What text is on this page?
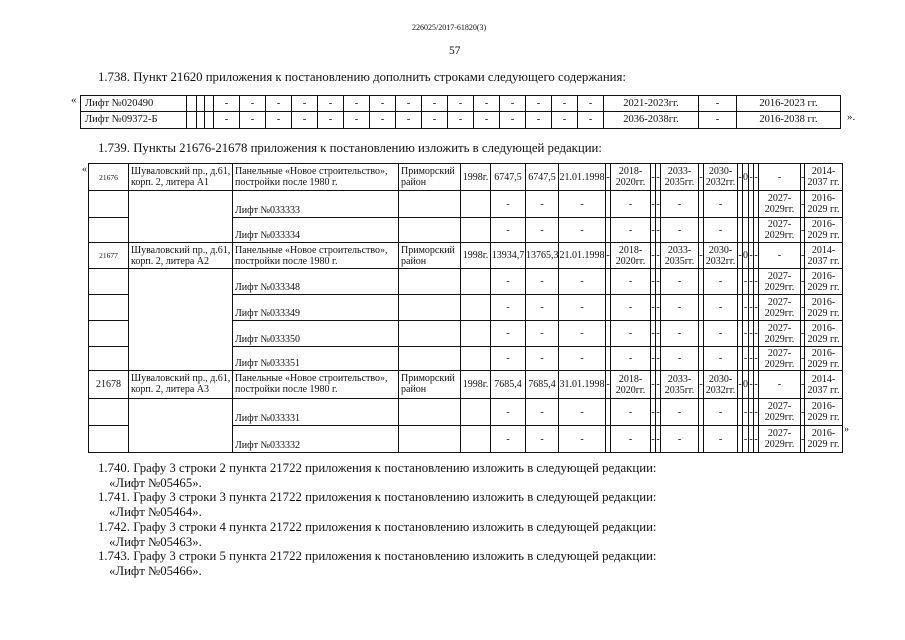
226025/2017-61820(3)
57
1.738. Пункт 21620 приложения к постановлению дополнить строками следующего содержания:
« Лифт №020490				-	-	-	-	-	-	-	-	-	-	-	-	-	-	-	2021-2023гг.	-	2016-2023 гг.
Лифт №09372-Б				-	-	-	-	-	-	-	-	-	-	-	-	-	-	-	2036-2038гг.	-	2016-2038 гг.	».
1.739. Пункты 21676-21678 приложения к постановлению изложить в следующей редакции:
«
21676	Шуваловский пр., д.61, корп. 2, литера А1	Панельные «Новое строительство», постройки после 1980 г.	Приморский район	1998г.	6747,5	6747,5	21.01.1998	-	2018-2020гг.	-	-	2033-2035гг.	-	2030-2032гг.	-	0	-	-	-	-	2014-2037 гг.
		Лифт №033333			-	-	-		-	-	-	-		-					2027-2029гг.	-	2016-2029 гг.
		Лифт №033334			-	-	-		-	-	-	-		-					2027-2029гг.	-	2016-2029 гг.
21677	Шуваловский пр., д.61, корп. 2, литера А2	Панельные «Новое строительство», постройки после 1980 г.	Приморский район	1998г.	13934,7	13765,3	21.01.1998	-	2018-2020гг.	-	-	2033-2035гг.	-	2030-2032гг.	-	0	-	-	-	-	2014-2037 гг.
		Лифт №033348			-	-	-		-	-	-	-		-		-	-	-	2027-2029гг.	-	2016-2029 гг.
		Лифт №033349			-	-	-		-	-	-	-		-		-	-	-	2027-2029гг.	-	2016-2029 гг.
		Лифт №033350			-	-	-		-	-	-	-		-		-	-	-	2027-2029гг.	-	2016-2029 гг.
		Лифт №033351			-	-	-		-	-	-	-		-		-	-	-	2027-2029гг.	-	2016-2029 гг.
21678	Шуваловский пр., д.61, корп. 2, литера А3	Панельные «Новое строительство», постройки после 1980 г.	Приморский район	1998г.	7685,4	7685,4	31.01.1998	-	2018-2020гг.	-	-	2033-2035гг.	-	2030-2032гг.	-	0	-	-	-	-	2014-2037 гг.
		Лифт №033331			-	-	-		-	-	-	-		-		-	-	-	2027-2029гг.	-	2016-2029 гг.
		Лифт №033332			-	-	-		-	-	-	-		-		-	-	-	2027-2029гг.	-	2016-2029 гг.
»
1.740. Графу 3 строки 2 пункта 21722 приложения к постановлению изложить в следующей редакции:
«Лифт №05465».
1.741. Графу 3 строки 3 пункта 21722 приложения к постановлению изложить в следующей редакции:
«Лифт №05464».
1.742. Графу 3 строки 4 пункта 21722 приложения к постановлению изложить в следующей редакции:
«Лифт №05463».
1.743. Графу 3 строки 5 пункта 21722 приложения к постановлению изложить в следующей редакции:
«Лифт №05466».
